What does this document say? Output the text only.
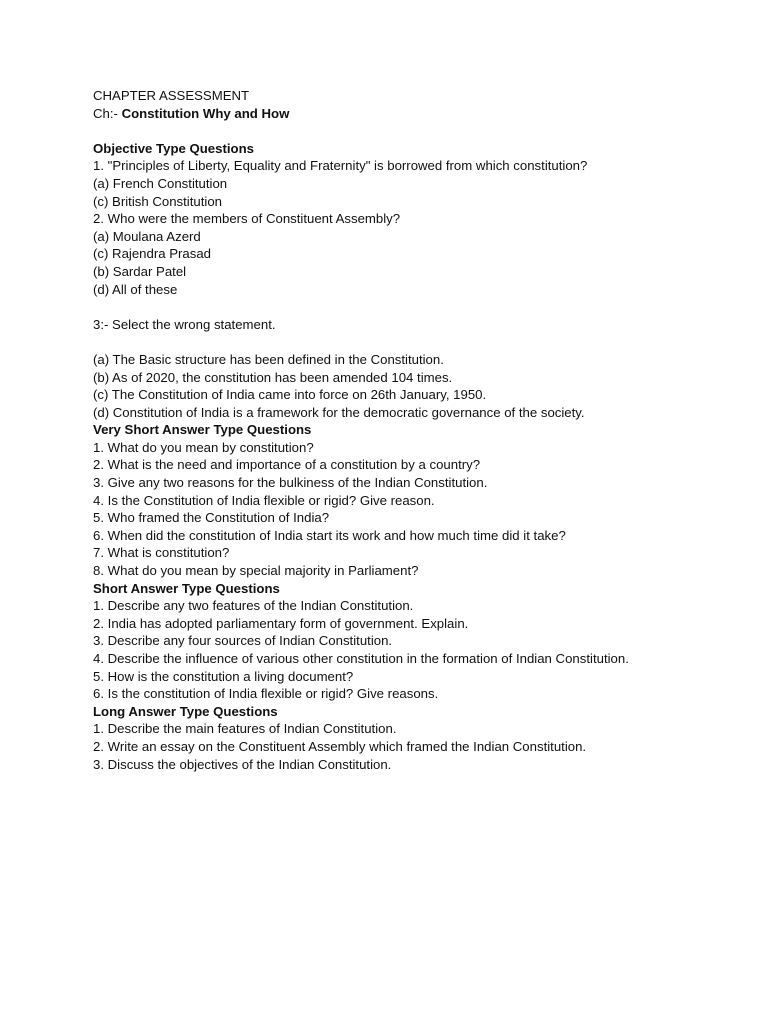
CHAPTER ASSESSMENT
Ch:- Constitution Why and How
Objective Type Questions
1. "Principles of Liberty, Equality and Fraternity" is borrowed from which constitution?
(a) French Constitution
(c) British Constitution
2. Who were the members of Constituent Assembly?
(a) Moulana Azerd
(c) Rajendra Prasad
(b) Sardar Patel
(d) All of these
3:- Select the wrong statement.
(a) The Basic structure has been defined in the Constitution.
(b) As of 2020, the constitution has been amended 104 times.
(c) The Constitution of India came into force on 26th January, 1950.
(d) Constitution of India is a framework for the democratic governance of the society.
Very Short Answer Type Questions
1. What do you mean by constitution?
2. What is the need and importance of a constitution by a country?
3. Give any two reasons for the bulkiness of the Indian Constitution.
4. Is the Constitution of India flexible or rigid? Give reason.
5. Who framed the Constitution of India?
6. When did the constitution of India start its work and how much time did it take?
7. What is constitution?
8. What do you mean by special majority in Parliament?
Short Answer Type Questions
1. Describe any two features of the Indian Constitution.
2. India has adopted parliamentary form of government. Explain.
3. Describe any four sources of Indian Constitution.
4. Describe the influence of various other constitution in the formation of Indian Constitution.
5. How is the constitution a living document?
6. Is the constitution of India flexible or rigid? Give reasons.
Long Answer Type Questions
1. Describe the main features of Indian Constitution.
2. Write an essay on the Constituent Assembly which framed the Indian Constitution.
3. Discuss the objectives of the Indian Constitution.
